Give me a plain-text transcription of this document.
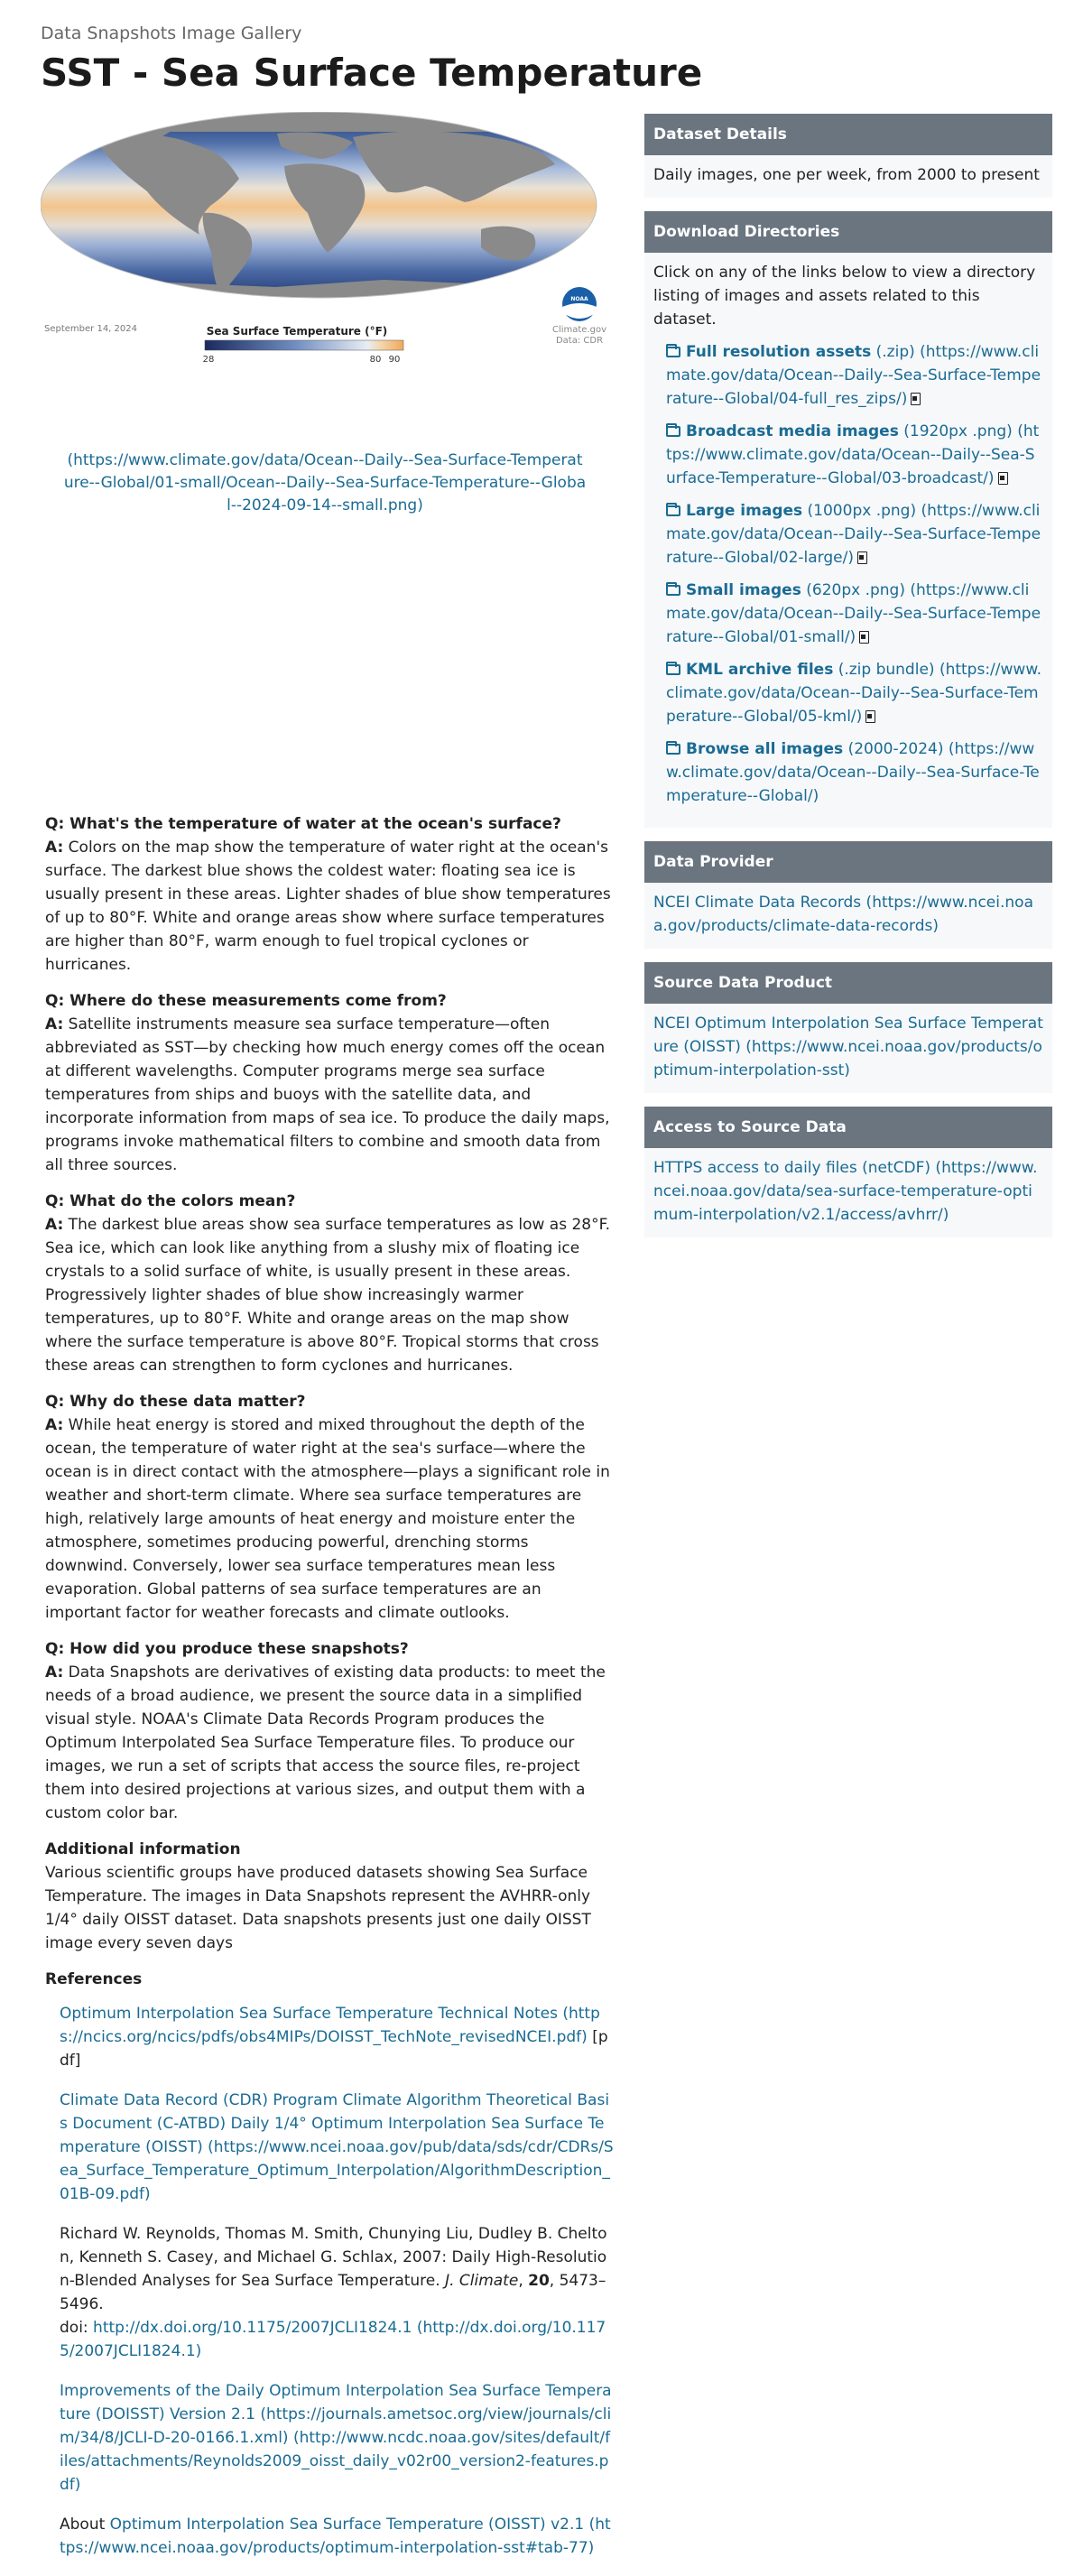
Data Snapshots Image Gallery
SST - Sea Surface Temperature
September 14, 2024	Sea Surface Temperature (°F)
28	80 90
NOAA
Climate.gov
Data: CDR
(https://www.climate.gov/data/Ocean--Daily--Sea-Surface-Temperature--Global/01-small/Ocean--Daily--Sea-Surface-Temperature--Global--2024-09-14--small.png)
Q: What's the temperature of water at the ocean's surface?
A: Colors on the map show the temperature of water right at the ocean's surface. The darkest blue shows the coldest water: floating sea ice is usually present in these areas. Lighter shades of blue show temperatures of up to 80°F. White and orange areas show where surface temperatures are higher than 80°F, warm enough to fuel tropical cyclones or hurricanes.
Q: Where do these measurements come from?
A: Satellite instruments measure sea surface temperature—often abbreviated as SST—by checking how much energy comes off the ocean at different wavelengths. Computer programs merge sea surface temperatures from ships and buoys with the satellite data, and incorporate information from maps of sea ice. To produce the daily maps, programs invoke mathematical filters to combine and smooth data from all three sources.
Q: What do the colors mean?
A: The darkest blue areas show sea surface temperatures as low as 28°F. Sea ice, which can look like anything from a slushy mix of floating ice crystals to a solid surface of white, is usually present in these areas. Progressively lighter shades of blue show increasingly warmer temperatures, up to 80°F. White and orange areas on the map show where the surface temperature is above 80°F. Tropical storms that cross these areas can strengthen to form cyclones and hurricanes.
Q: Why do these data matter?
A: While heat energy is stored and mixed throughout the depth of the ocean, the temperature of water right at the sea's surface—where the ocean is in direct contact with the atmosphere—plays a significant role in weather and short-term climate. Where sea surface temperatures are high, relatively large amounts of heat energy and moisture enter the atmosphere, sometimes producing powerful, drenching storms downwind. Conversely, lower sea surface temperatures mean less evaporation. Global patterns of sea surface temperatures are an important factor for weather forecasts and climate outlooks.
Q: How did you produce these snapshots?
A: Data Snapshots are derivatives of existing data products: to meet the needs of a broad audience, we present the source data in a simplified visual style. NOAA's Climate Data Records Program produces the Optimum Interpolated Sea Surface Temperature files. To produce our images, we run a set of scripts that access the source files, re-project them into desired projections at various sizes, and output them with a custom color bar.
Additional information
Various scientific groups have produced datasets showing Sea Surface Temperature. The images in Data Snapshots represent the AVHRR-only 1/4° daily OISST dataset. Data snapshots presents just one daily OISST image every seven days
References
Optimum Interpolation Sea Surface Temperature Technical Notes (https://ncics.org/ncics/pdfs/obs4MIPs/DOISST_TechNote_revisedNCEI.pdf) [pdf]
Climate Data Record (CDR) Program Climate Algorithm Theoretical Basis Document (C-ATBD) Daily 1/4° Optimum Interpolation Sea Surface Temperature (OISST) (https://www.ncei.noaa.gov/pub/data/sds/cdr/CDRs/Sea_Surface_Temperature_Optimum_Interpolation/AlgorithmDescription_01B-09.pdf)
Richard W. Reynolds, Thomas M. Smith, Chunying Liu, Dudley B. Chelton, Kenneth S. Casey, and Michael G. Schlax, 2007: Daily High-Resolution-Blended Analyses for Sea Surface Temperature. J. Climate, 20, 5473–5496.
doi: http://dx.doi.org/10.1175/2007JCLI1824.1 (http://dx.doi.org/10.1175/2007JCLI1824.1)
Improvements of the Daily Optimum Interpolation Sea Surface Temperature (DOISST) Version 2.1 (https://journals.ametsoc.org/view/journals/clim/34/8/JCLI-D-20-0166.1.xml) (http://www.ncdc.noaa.gov/sites/default/files/attachments/Reynolds2009_oisst_daily_v02r00_version2-features.pdf)
About Optimum Interpolation Sea Surface Temperature (OISST) v2.1 (https://www.ncei.noaa.gov/products/optimum-interpolation-sst#tab-77)
Dataset Details
Daily images, one per week, from 2000 to present
Download Directories
Click on any of the links below to view a directory listing of images and assets related to this dataset.
Full resolution assets (.zip) (https://www.climate.gov/data/Ocean--Daily--Sea-Surface-Temperature--Global/04-full_res_zips/)
Broadcast media images (1920px .png) (https://www.climate.gov/data/Ocean--Daily--Sea-Surface-Temperature--Global/03-broadcast/)
Large images (1000px .png) (https://www.climate.gov/data/Ocean--Daily--Sea-Surface-Temperature--Global/02-large/)
Small images (620px .png) (https://www.climate.gov/data/Ocean--Daily--Sea-Surface-Temperature--Global/01-small/)
KML archive files (.zip bundle) (https://www.climate.gov/data/Ocean--Daily--Sea-Surface-Temperature--Global/05-kml/)
Browse all images (2000-2024) (https://www.climate.gov/data/Ocean--Daily--Sea-Surface-Temperature--Global/)
Data Provider
NCEI Climate Data Records (https://www.ncei.noaa.gov/products/climate-data-records)
Source Data Product
NCEI Optimum Interpolation Sea Surface Temperature (OISST) (https://www.ncei.noaa.gov/products/optimum-interpolation-sst)
Access to Source Data
HTTPS access to daily files (netCDF) (https://www.ncei.noaa.gov/data/sea-surface-temperature-optimum-interpolation/v2.1/access/avhrr/)
